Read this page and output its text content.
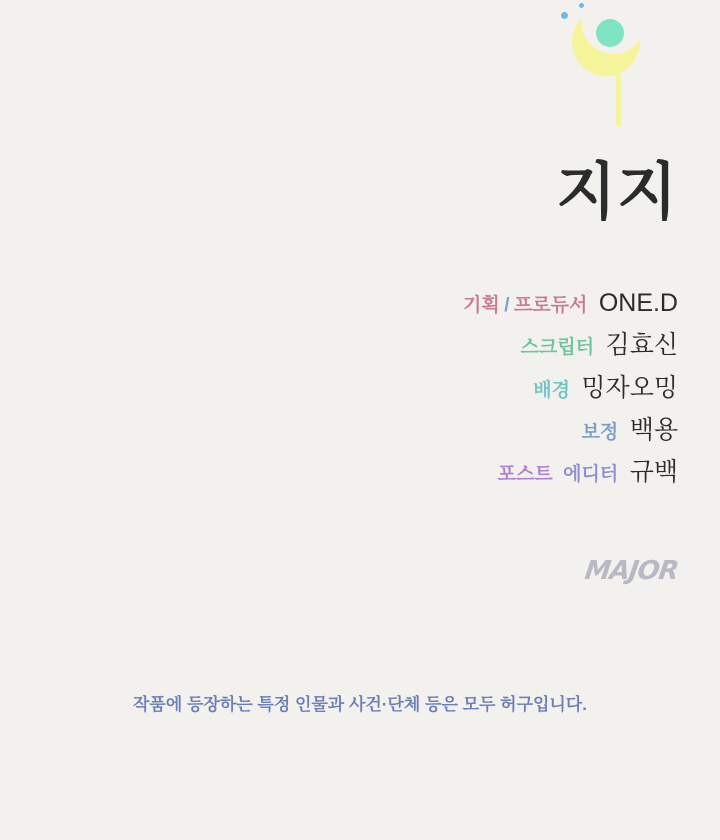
지지
기획 / 프로듀서 ONE.D
스크립터 김효신
배경 밍자오밍
보정 백용
포스트 에디터 규백
MAJOR
작품에 등장하는 특정 인물과 사건·단체 등은 모두 허구입니다.
